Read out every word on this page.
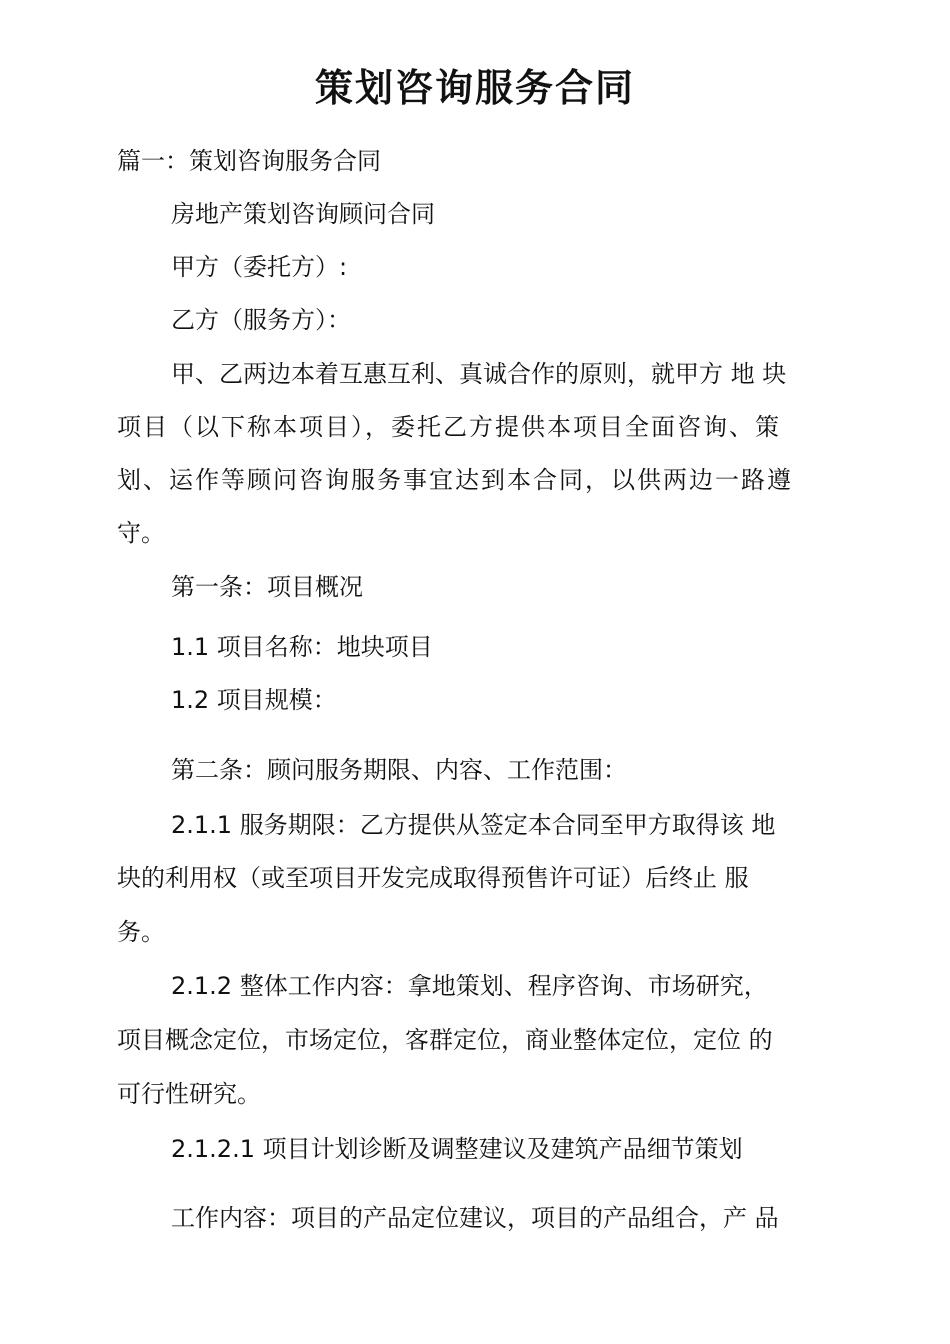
策划咨询服务合同
篇一：策划咨询服务合同
房地产策划咨询顾问合同
甲方（委托方）:
乙方（服务方）：
甲、乙两边本着互惠互利、真诚合作的原则，就甲方 地 块
项目（以下称本项目），委托乙方提供本项目全面咨询、策
划、运作等顾问咨询服务事宜达到本合同，以供两边一路遵
守。
第一条：项目概况
1.1 项目名称：地块项目
1.2 项目规模：
第二条：顾问服务期限、内容、工作范围：
2.1.1 服务期限：乙方提供从签定本合同至甲方取得该 地
块的利用权（或至项目开发完成取得预售许可证）后终止 服
务。
2.1.2 整体工作内容：拿地策划、程序咨询、市场研究，
项目概念定位，市场定位，客群定位，商业整体定位，定位 的
可行性研究。
2.1.2.1 项目计划诊断及调整建议及建筑产品细节策划
工作内容：项目的产品定位建议，项目的产品组合，产 品
